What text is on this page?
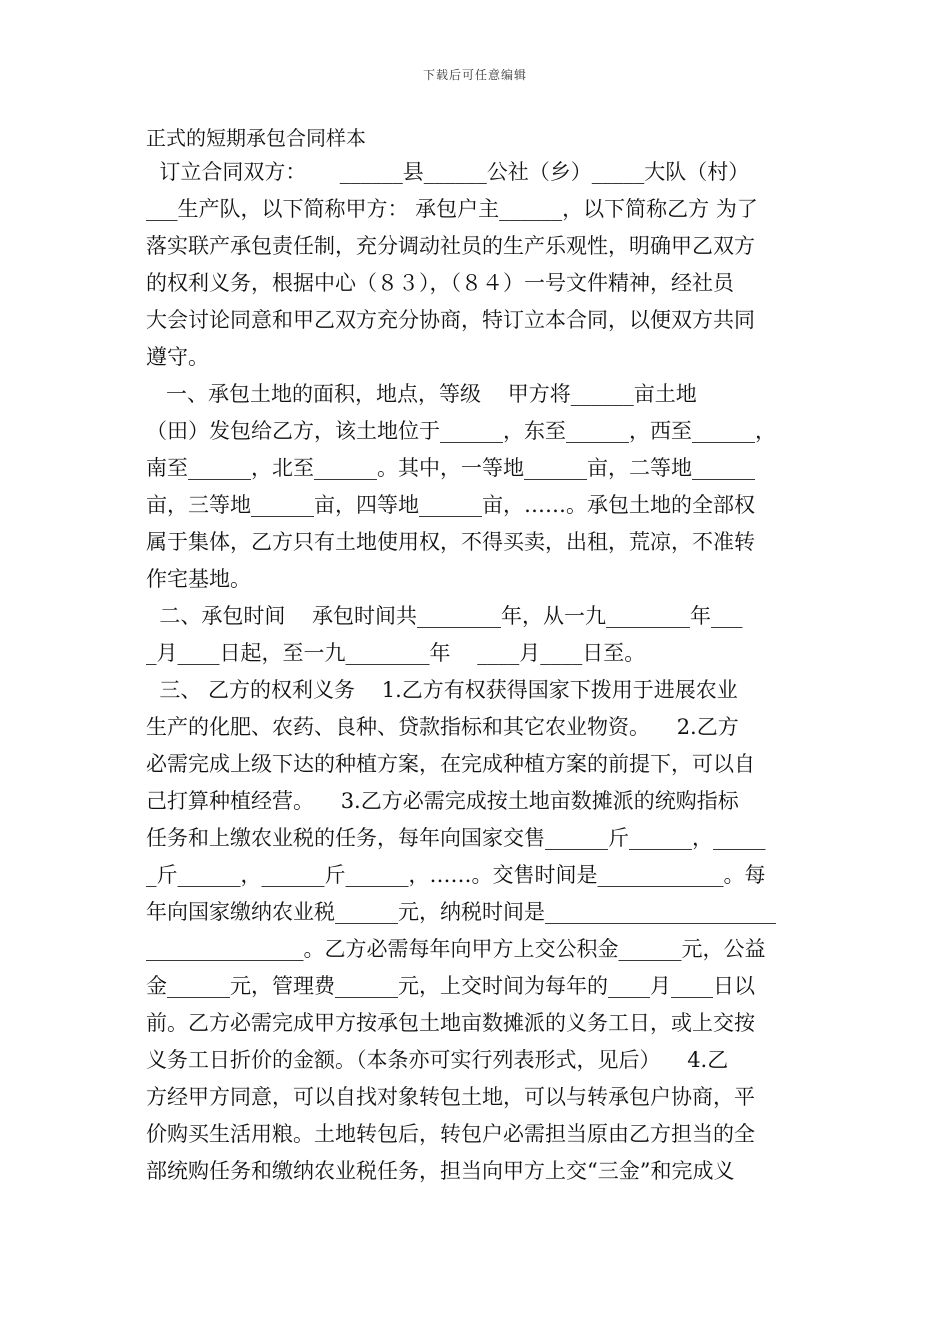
下载后可任意编辑
正式的短期承包合同样本
订立合同双方：     ______县______公社（乡）_____大队（村）
___生产队，以下简称甲方： 承包户主______，以下简称乙方 为了
落实联产承包责任制，充分调动社员的生产乐观性，明确甲乙双方
的权利义务，根据中心（８３），（８４）一号文件精神，经社员
大会讨论同意和甲乙双方充分协商，特订立本合同，以便双方共同
遵守。
一、承包土地的面积，地点，等级    甲方将______亩土地
（田）发包给乙方，该土地位于______，东至______，西至______，
南至______，北至______。其中，一等地______亩，二等地______
亩，三等地______亩，四等地______亩，……。承包土地的全部权
属于集体，乙方只有土地使用权，不得买卖，出租，荒凉，不准转
作宅基地。
二、承包时间    承包时间共________年，从一九________年___
_月____日起，至一九________年    ____月____日至。
三、 乙方的权利义务    1.乙方有权获得国家下拨用于进展农业
生产的化肥、农药、良种、贷款指标和其它农业物资。    2.乙方
必需完成上级下达的种植方案，在完成种植方案的前提下，可以自
己打算种植经营。    3.乙方必需完成按土地亩数摊派的统购指标
任务和上缴农业税的任务，每年向国家交售______斤______，_____
_斤______，______斤______，……。交售时间是____________。每
年向国家缴纳农业税______元，纳税时间是______________________
_______________。乙方必需每年向甲方上交公积金______元，公益
金______元，管理费______元，上交时间为每年的____月____日以
前。乙方必需完成甲方按承包土地亩数摊派的义务工日，或上交按
义务工日折价的金额。（本条亦可实行列表形式，见后）    4.乙
方经甲方同意，可以自找对象转包土地，可以与转承包户协商，平
价购买生活用粮。土地转包后，转包户必需担当原由乙方担当的全
部统购任务和缴纳农业税任务，担当向甲方上交“三金”和完成义
